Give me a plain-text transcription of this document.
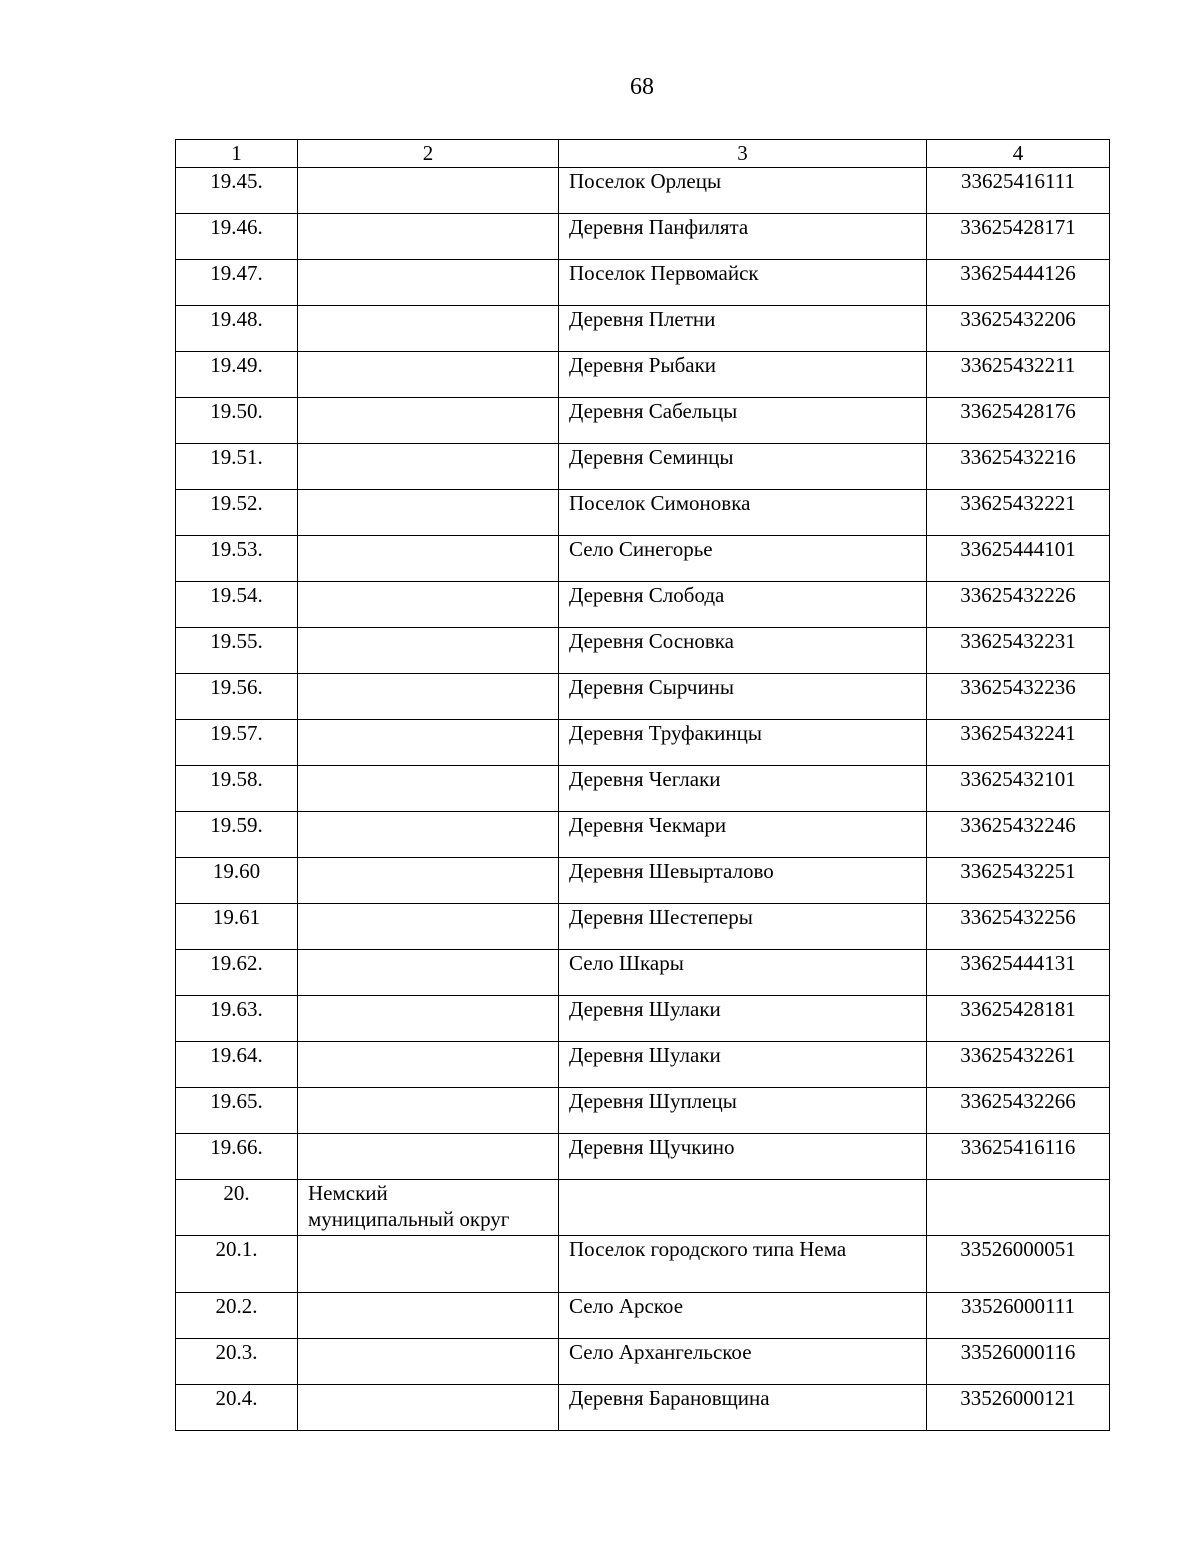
68
1	2	3	4
19.45.		Поселок Орлецы	33625416111
19.46.		Деревня Панфилята	33625428171
19.47.		Поселок Первомайск	33625444126
19.48.		Деревня Плетни	33625432206
19.49.		Деревня Рыбаки	33625432211
19.50.		Деревня Сабельцы	33625428176
19.51.		Деревня Семинцы	33625432216
19.52.		Поселок Симоновка	33625432221
19.53.		Село Синегорье	33625444101
19.54.		Деревня Слобода	33625432226
19.55.		Деревня Сосновка	33625432231
19.56.		Деревня Сырчины	33625432236
19.57.		Деревня Труфакинцы	33625432241
19.58.		Деревня Чеглаки	33625432101
19.59.		Деревня Чекмари	33625432246
19.60		Деревня Шевырталово	33625432251
19.61		Деревня Шестеперы	33625432256
19.62.		Село Шкары	33625444131
19.63.		Деревня Шулаки	33625428181
19.64.		Деревня Шулаки	33625432261
19.65.		Деревня Шуплецы	33625432266
19.66.		Деревня Щучкино	33625416116
20.	Немский
муниципальный округ		

20.1.		Поселок городского типа Нема	33526000051
20.2.		Село Арское	33526000111
20.3.		Село Архангельское	33526000116
20.4.		Деревня Барановщина	33526000121
